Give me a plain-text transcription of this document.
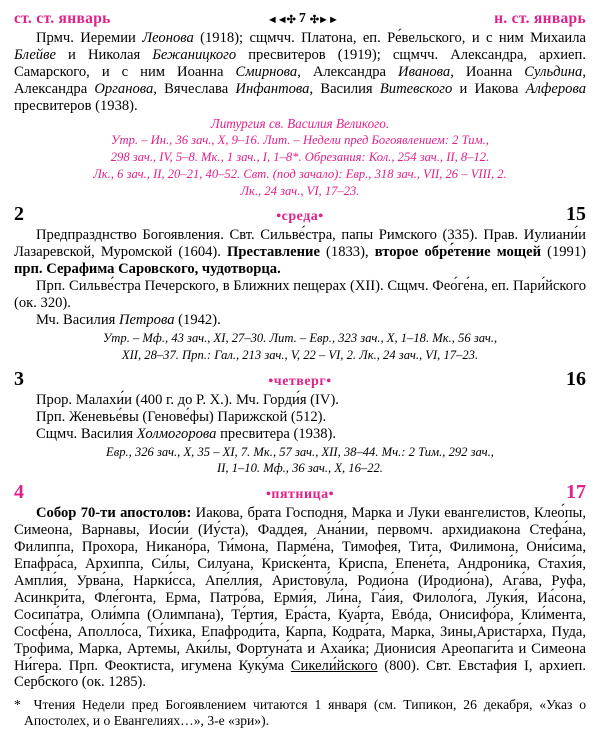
ст. ст. январь	◄◄✣ 7 ✣►►	н. ст. январь

Прмч. Иеремии Леонова (1918); сщмчч. Платона, еп. Ре́вельского, и с ним Михаила Блейве и Николая Бежаницкого пресвитеров (1919); сщмчч. Александра, архиеп. Самарского, и с ним Иоанна Смирнова, Александра Иванова, Иоанна Сульдина, Александра Органова, Вячеслава Инфантова, Василия Витевского и Иакова Алферова пресвитеров (1938).

Литургия св. Василия Великого.

Утр. – Ин., 36 зач., X, 9–16. Лит. – Недели пред Богоявлением: 2 Тим.,

298 зач., IV, 5–8. Мк., 1 зач., I, 1–8*. Обрезания: Кол., 254 зач., II, 8–12.

Лк., 6 зач., II, 20–21, 40–52. Свт. (под зачало): Евр., 318 зач., VII, 26 – VIII, 2.

Лк., 24 зач., VI, 17–23.

2	•среда•	15

Предпразднство Богоявления. Свт. Сильве́стра, папы Римского (335). Прав. Иулиани́и Лазаревской, Муромской (1604). Преставление (1833), второе обре́тение мощей (1991) прп. Серафима Саровского, чудотворца.

Прп. Сильве́стра Печерского, в Ближних пещерах (XII). Сщмч. Фео́ге́на, еп. Пари́йского (ок. 320).

Мч. Василия Петрова (1942).

Утр. – Мф., 43 зач., XI, 27–30. Лит. – Евр., 323 зач., X, 1–18. Мк., 56 зач.,

XII, 28–37. Прп.: Гал., 213 зач., V, 22 – VI, 2. Лк., 24 зач., VI, 17–23.

3	•четверг•	16

Прор. Малахи́и (400 г. до Р. Х.). Мч. Горди́я (IV).

Прп. Женевье́вы (Генове́фы) Парижской (512).

Сщмч. Василия Холмогорова пресвитера (1938).

Евр., 326 зач., X, 35 – XI, 7. Мк., 57 зач., XII, 38–44. Мч.: 2 Тим., 292 зач.,

II, 1–10. Мф., 36 зач., X, 16–22.

4	•пятница•	17

Собор 70-ти апостолов: Иакова, брата Господня, Марка и Луки евангелистов, Клео́пы, Симеона, Варнавы, Иоси́и (Иу́ста), Фаддея, Ана́нии, первомч. архидиакона Стефа́на, Филиппа, Прохора, Никано́ра, Ти́мона, Парме́на, Тимофея, Тита, Филимона, Они́сима, Епафра́са, Архиппа, Си́лы, Силуана, Криске́нта, Криспа, Епене́та, Андрони́ка, Стахи́я, Ампли́я, Урва́на, Нарки́сса, Апе́ллия, Аристову́ла, Родио́на (Иродио́на), Ага́ва, Руфа, Асинкри́та, Фле́гонта, Ерма, Патро́ва, Ерми́я, Ли́на, Га́ия, Филоло́га, Луки́я, Иа́сона, Сосипа́тра, Оли́мпа (Олимпана), Те́ртия, Ера́ста, Куа́рта, Евóда, Онисифо́ра, Кли́мента, Сосфе́на, Аполло́са, Ти́хика, Епафроди́та, Карпа, Кодра́та, Марка, Зины,Ариста́рха, Пуда, Трофима, Марка, Артемы, Аки́лы, Фортуна́та и Ахаи́ка; Дионисия Ареопаги́та и Симеона Ни́гера. Прп. Феоктиста, игумена Куку́ма Сикели́йского (800). Свт. Евстафия I, архиеп. Сербского (ок. 1285).

* Чтения Недели пред Богоявлением читаются 1 января (см. Типикон, 26 декабря, «Указ о Апостолех, и о Евангелиях…», 3-е «зри»).
